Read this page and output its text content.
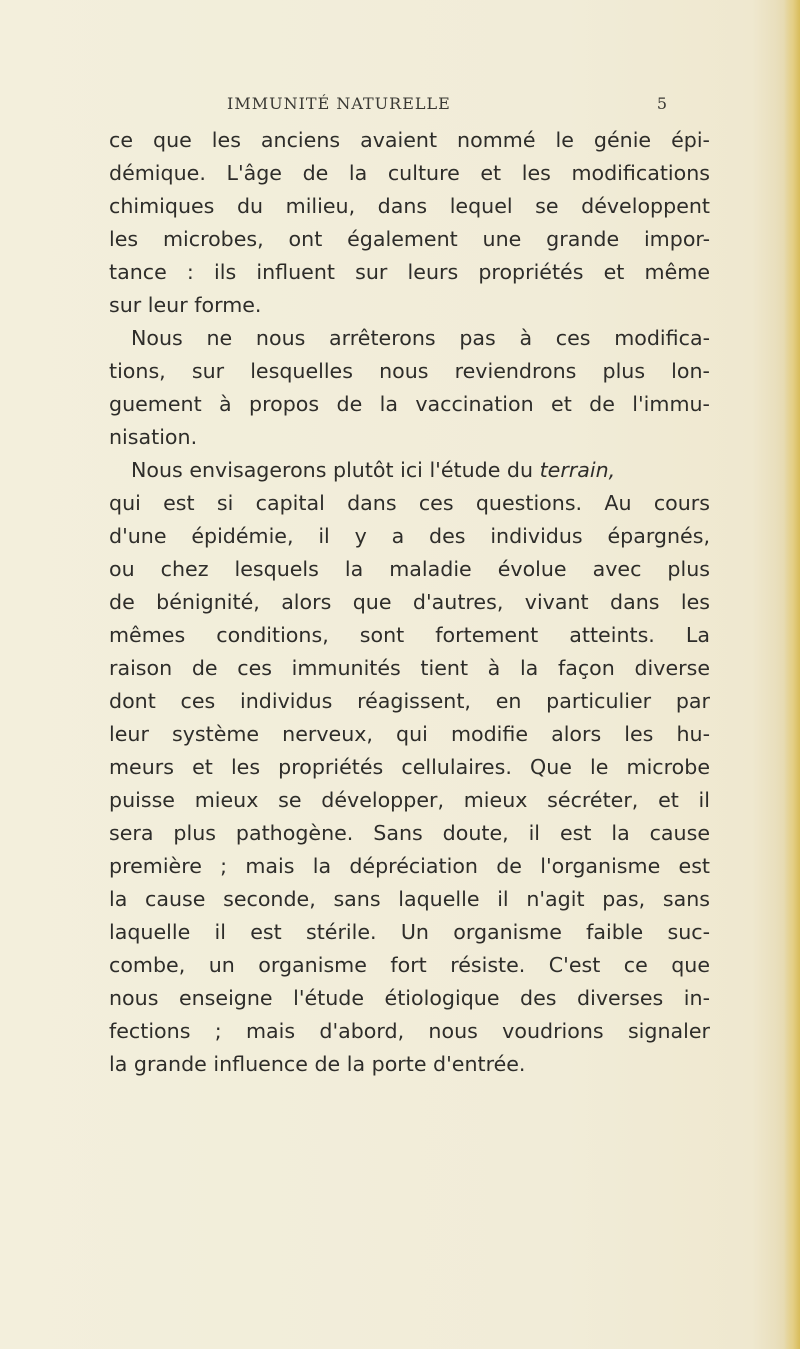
IMMUNITÉ NATURELLE	5
ce que les anciens avaient nommé le génie épi-
démique. L'âge de la culture et les modifications
chimiques du milieu, dans lequel se développent
les microbes, ont également une grande impor-
tance : ils influent sur leurs propriétés et même
sur leur forme.
Nous ne nous arrêterons pas à ces modifica-
tions, sur lesquelles nous reviendrons plus lon-
guement à propos de la vaccination et de l'immu-
nisation.
Nous envisagerons plutôt ici l'étude du terrain,
qui est si capital dans ces questions. Au cours
d'une épidémie, il y a des individus épargnés,
ou chez lesquels la maladie évolue avec plus
de bénignité, alors que d'autres, vivant dans les
mêmes conditions, sont fortement atteints. La
raison de ces immunités tient à la façon diverse
dont ces individus réagissent, en particulier par
leur système nerveux, qui modifie alors les hu-
meurs et les propriétés cellulaires. Que le microbe
puisse mieux se développer, mieux sécréter, et il
sera plus pathogène. Sans doute, il est la cause
première ; mais la dépréciation de l'organisme est
la cause seconde, sans laquelle il n'agit pas, sans
laquelle il est stérile. Un organisme faible suc-
combe, un organisme fort résiste. C'est ce que
nous enseigne l'étude étiologique des diverses in-
fections ; mais d'abord, nous voudrions signaler
la grande influence de la porte d'entrée.
